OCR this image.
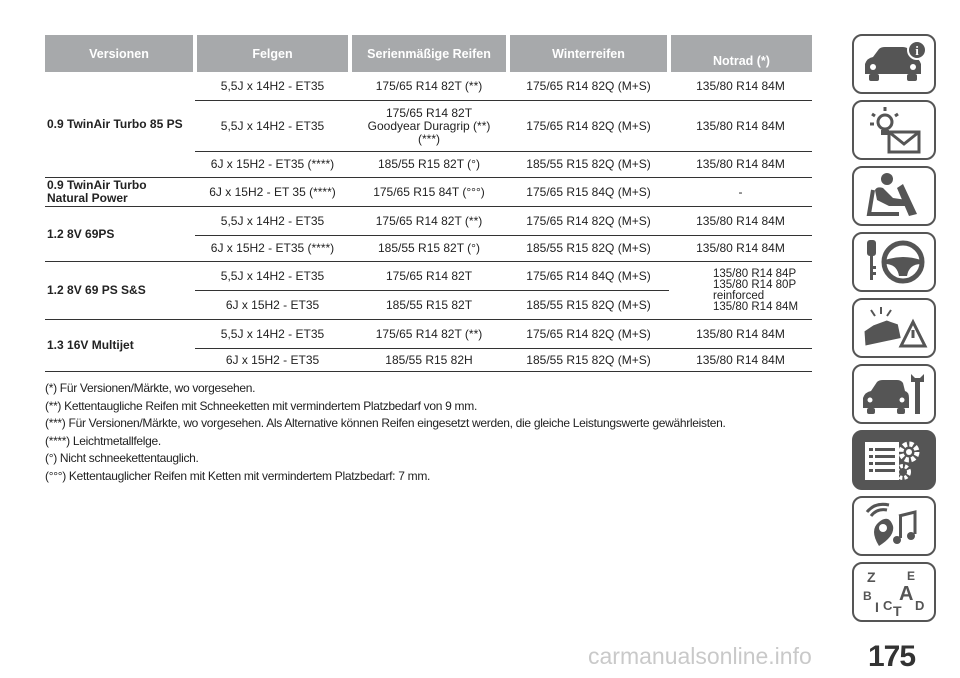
Versionen	Felgen	Serienmäßige Reifen	Winterreifen	Notrad (*)
0.9 TwinAir Turbo 85 PS	5,5J x 14H2 - ET35	175/65 R14 82T (**)	175/65 R14 82Q (M+S)	135/80 R14 84M
	5,5J x 14H2 - ET35	175/65 R14 82T
Goodyear Duragrip (**)
(***)	175/65 R14 82Q (M+S)	135/80 R14 84M
	6J x 15H2 - ET35 (****)	185/55 R15 82T (°)	185/55 R15 82Q (M+S)	135/80 R14 84M

0.9 TwinAir Turbo
Natural Power	6J x 15H2 - ET 35 (****)	175/65 R15 84T (°°°)	175/65 R15 84Q (M+S)	-
1.2 8V 69PS	5,5J x 14H2 - ET35	175/65 R14 82T (**)	175/65 R14 82Q (M+S)	135/80 R14 84M
	6J x 15H2 - ET35 (****)	185/55 R15 82T (°)	185/55 R15 82Q (M+S)	135/80 R14 84M
1.2 8V 69 PS S&S	5,5J x 14H2 - ET35	175/65 R14 82T	175/65 R14 84Q (M+S)	135/80 R14 84P
135/80 R14 80P
reinforced
135/80 R14 84M

	6J x 15H2 - ET35	185/55 R15 82T	185/55 R15 82Q (M+S)	
1.3 16V Multijet	5,5J x 14H2 - ET35	175/65 R14 82T (**)	175/65 R14 82Q (M+S)	135/80 R14 84M
	6J x 15H2 - ET35	185/55 R15 82H	185/55 R15 82Q (M+S)	135/80 R14 84M
(*) Für Versionen/Märkte, wo vorgesehen.
(**) Kettentaugliche Reifen mit Schneeketten mit vermindertem Platzbedarf von 9 mm.
(***) Für Versionen/Märkte, wo vorgesehen. Als Alternative können Reifen eingesetzt werden, die gleiche Leistungswerte gewährleisten.
(****) Leichtmetallfelge.
(°) Nicht schneekettentauglich.
(°°°) Kettentauglicher Reifen mit Ketten mit vermindertem Platzbedarf: 7 mm.
i
Z	E
B A
C T D
I
carmanualsonline.info 175
